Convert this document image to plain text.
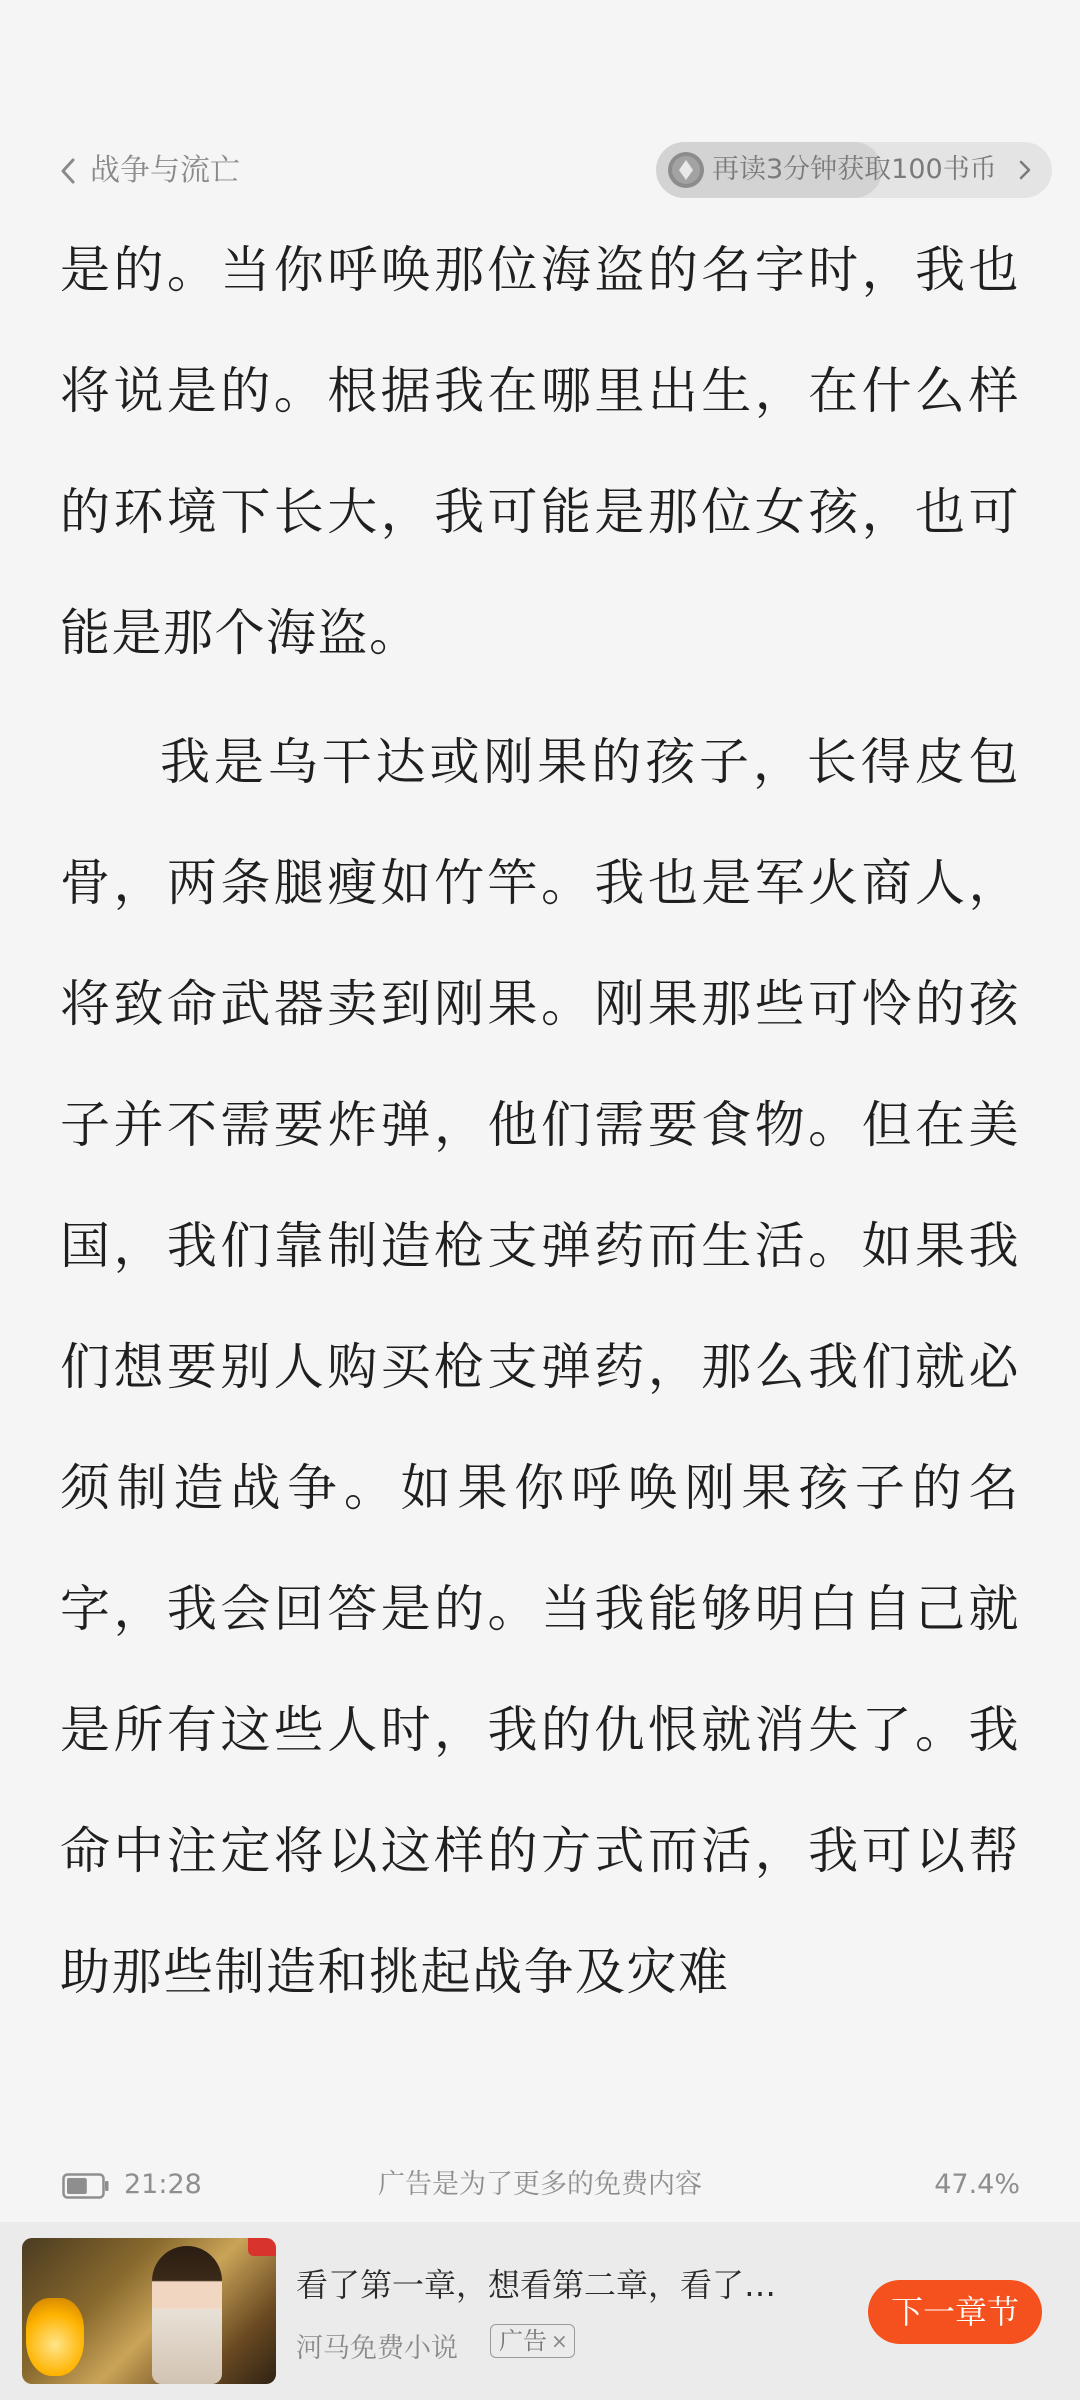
战争与流亡	再读3分钟获取100书币

是的。当你呼唤那位海盗的名字时，我也将说是的。根据我在哪里出生，在什么样的环境下长大，我可能是那位女孩，也可能是那个海盗。

我是乌干达或刚果的孩子，长得皮包骨，两条腿瘦如竹竿。我也是军火商人，将致命武器卖到刚果。刚果那些可怜的孩子并不需要炸弹，他们需要食物。但在美国，我们靠制造枪支弹药而生活。如果我们想要别人购买枪支弹药，那么我们就必须制造战争。如果你呼唤刚果孩子的名字，我会回答是的。当我能够明白自己就是所有这些人时，我的仇恨就消失了。我命中注定将以这样的方式而活，我可以帮助那些制造和挑起战争及灾难

21:28	广告是为了更多的免费内容	47.4%
看了第一章，想看第二章，看了…
河马免费小说 广告 ×
下一章节
